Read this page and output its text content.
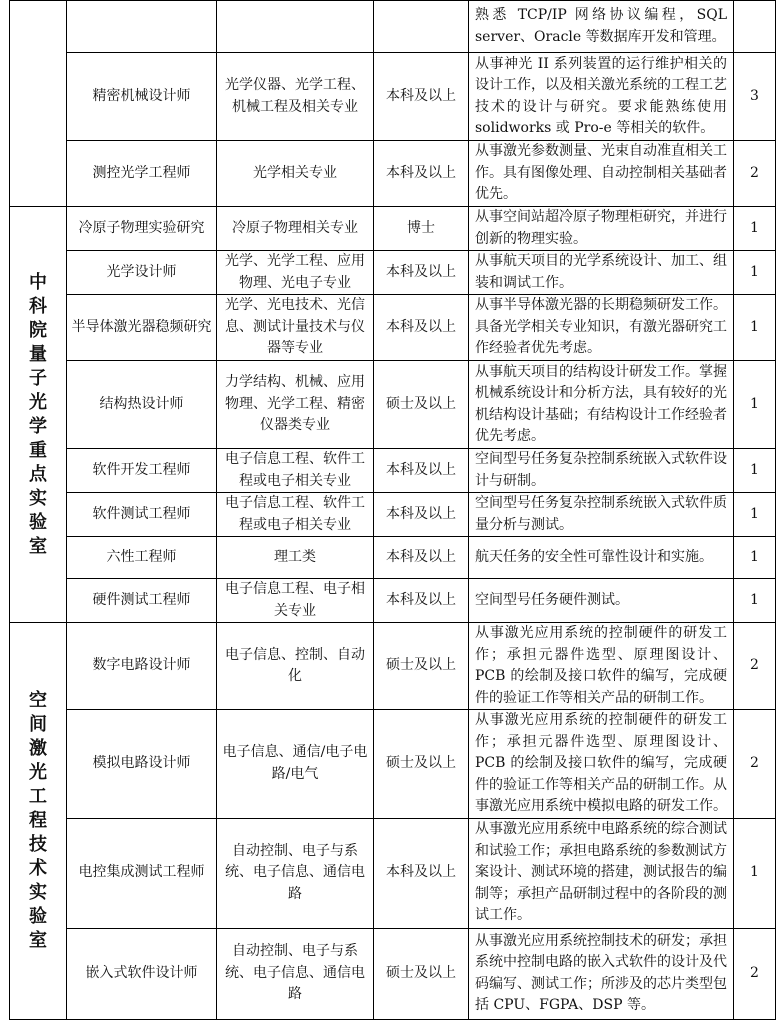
				熟悉 TCP/IP 网络协议编程，SQL server、Oracle 等数据库开发和管理。	
	精密机械设计师	光学仪器、光学工程、机械工程及相关专业	本科及以上	从事神光 II 系列装置的运行维护相关的设计工作，以及相关激光系统的工程工艺技术的设计与研究。要求能熟练使用 solidworks 或 Pro-e 等相关的软件。	3
	测控光学工程师	光学相关专业	本科及以上	从事激光参数测量、光束自动准直相关工作。具有图像处理、自动控制相关基础者优先。	2
中科院量子光学重点实验室	冷原子物理实验研究	冷原子物理相关专业	博士	从事空间站超冷原子物理柜研究，并进行创新的物理实验。	1
	光学设计师	光学、光学工程、应用物理、光电子专业	本科及以上	从事航天项目的光学系统设计、加工、组装和调试工作。	1
	半导体激光器稳频研究	光学、光电技术、光信息、测试计量技术与仪器等专业	本科及以上	从事半导体激光器的长期稳频研发工作。具备光学相关专业知识，有激光器研究工作经验者优先考虑。	1
	结构热设计师	力学结构、机械、应用物理、光学工程、精密仪器类专业	硕士及以上	从事航天项目的结构设计研发工作。掌握机械系统设计和分析方法，具有较好的光机结构设计基础；有结构设计工作经验者优先考虑。	1
	软件开发工程师	电子信息工程、软件工程或电子相关专业	本科及以上	空间型号任务复杂控制系统嵌入式软件设计与研制。	1
	软件测试工程师	电子信息工程、软件工程或电子相关专业	本科及以上	空间型号任务复杂控制系统嵌入式软件质量分析与测试。	1
	六性工程师	理工类	本科及以上	航天任务的安全性可靠性设计和实施。	1
	硬件测试工程师	电子信息工程、电子相关专业	本科及以上	空间型号任务硬件测试。	1
空间激光工程技术实验室	数字电路设计师	电子信息、控制、自动化	硕士及以上	从事激光应用系统的控制硬件的研发工作；承担元器件选型、原理图设计、PCB 的绘制及接口软件的编写，完成硬件的验证工作等相关产品的研制工作。	2
	模拟电路设计师	电子信息、通信/电子电路/电气	硕士及以上	从事激光应用系统的控制硬件的研发工作；承担元器件选型、原理图设计、PCB 的绘制及接口软件的编写，完成硬件的验证工作等相关产品的研制工作。从事激光应用系统中模拟电路的研发工作。	2
	电控集成测试工程师	自动控制、电子与系统、电子信息、通信电路	本科及以上	从事激光应用系统中电路系统的综合测试和试验工作；承担电路系统的参数测试方案设计、测试环境的搭建，测试报告的编制等；承担产品研制过程中的各阶段的测试工作。	1
	嵌入式软件设计师	自动控制、电子与系统、电子信息、通信电路	硕士及以上	从事激光应用系统控制技术的研发；承担系统中控制电路的嵌入式软件的设计及代码编写、测试工作；所涉及的芯片类型包括 CPU、FGPA、DSP 等。	2
